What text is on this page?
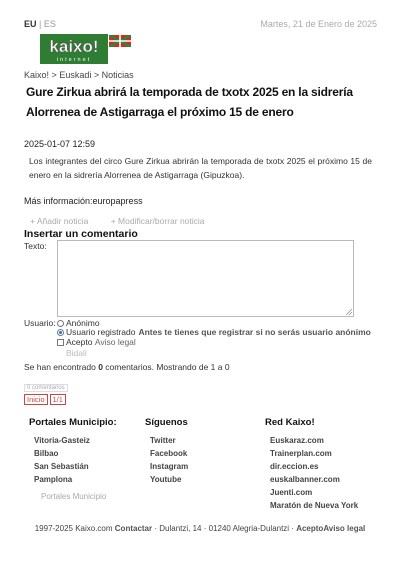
EU | ES	Martes, 21 de Enero de 2025
kaixo!
internet
Kaixo! > Euskadi > Noticias
Gure Zirkua abrirá la temporada de txotx 2025 en la sidrería Alorrenea de Astigarraga el próximo 15 de enero
2025-01-07 12:59

Los integrantes del circo Gure Zirkua abrirán la temporada de txotx 2025 el próximo 15 de enero en la sidrería Alorrenea de Astigarraga (Gipuzkoa).

Más información:europapress
+ Añadir noticia	+ Modificar/borrar noticia
Insertar un comentario
Texto:
Usuario: Anónimo
Usuario registrado Antes te tienes que registrar si no serás usuario anónimo
Acepto
Aviso legal
Bidali
Se han encontrado 0 comentarios. Mostrando de 1 a 0
0 comentarios
Inicio 1/1
Portales Municipio:
Vitoria-Gasteiz
Bilbao
San Sebastián
Pamplona
Portales Municipio
Síguenos
Twitter
Facebook
Instagram
Youtube
Red Kaixo!
Euskaraz.com
Trainerplan.com
dir.eccion.es
euskalbanner.com
Juenti.com
Maratón de Nueva York
1997-2025 Kaixo.com Contactar · Dulantzi, 14 · 01240 Alegria-Dulantzi · AceptoAviso legal
